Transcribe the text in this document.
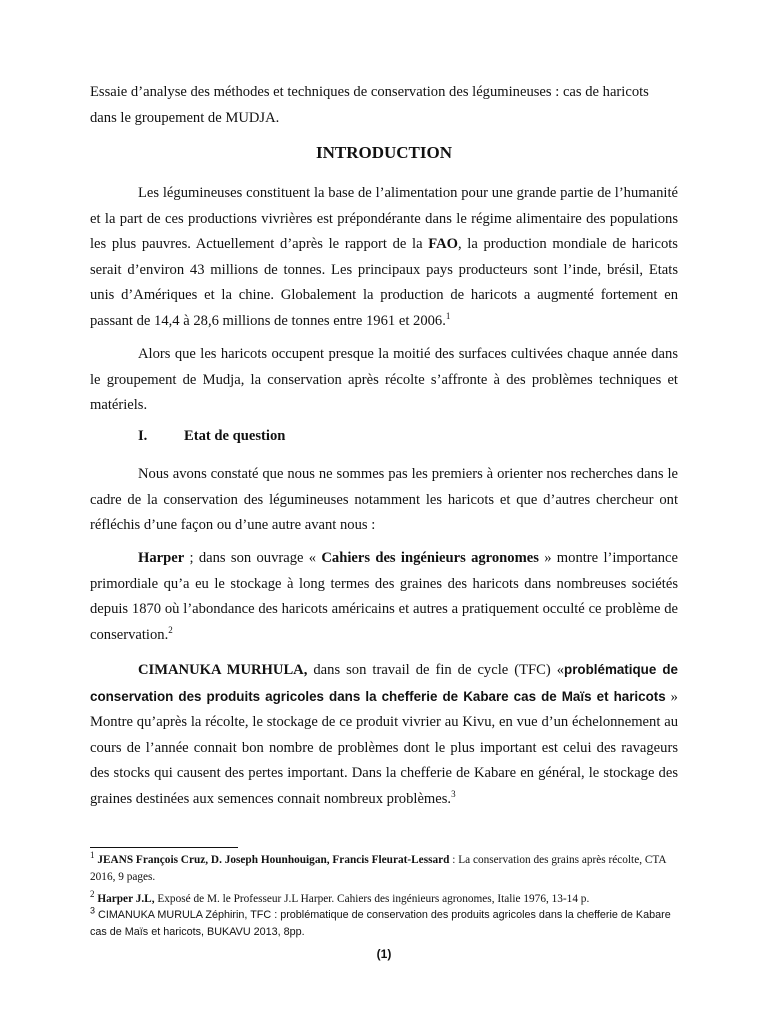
Essaie d’analyse des méthodes et techniques de conservation des légumineuses : cas de haricots dans le groupement de MUDJA.

INTRODUCTION

Les légumineuses constituent la base de l’alimentation pour une grande partie de l’humanité et la part de ces productions vivrières est prépondérante dans le régime alimentaire des populations les plus pauvres. Actuellement d’après le rapport de la FAO, la production mondiale de haricots serait d’environ 43 millions de tonnes. Les principaux pays producteurs sont l’inde, brésil, Etats unis d’Amériques et la chine. Globalement la production de haricots a augmenté fortement en passant de 14,4 à 28,6 millions de tonnes entre 1961 et 2006.$^1$

Alors que les haricots occupent presque la moitié des surfaces cultivées chaque année dans le groupement de Mudja, la conservation après récolte s’affronte à des problèmes techniques et matériels.

I.	Etat de question

Nous avons constaté que nous ne sommes pas les premiers à orienter nos recherches dans le cadre de la conservation des légumineuses notamment les haricots et que d’autres chercheur ont réfléchis d’une façon ou d’une autre avant nous :

Harper ; dans son ouvrage « Cahiers des ingénieurs agronomes » montre l’importance primordiale qu’a eu le stockage à long termes des graines des haricots dans nombreuses sociétés depuis 1870 où l’abondance des haricots américains et autres a pratiquement occulté ce problème de conservation.$^2$

CIMANUKA MURHULA, dans son travail de fin de cycle (TFC) «problématique de conservation des produits agricoles dans la chefferie de Kabare cas de Maïs et haricots » Montre qu’après la récolte, le stockage de ce produit vivrier au Kivu, en vue d’un échelonnement au cours de l’année connait bon nombre de problèmes dont le plus important est celui des ravageurs des stocks qui causent des pertes important. Dans la chefferie de Kabare en général, le stockage des graines destinées aux semences connait nombreux problèmes.$^3$

$^1$ JEANS François Cruz, D. Joseph Hounhouigan, Francis Fleurat-Lessard : La conservation des grains après récolte, CTA 2016, 9 pages.

$^2$ Harper J.L, Exposé de M. le Professeur J.L Harper. Cahiers des ingénieurs agronomes, Italie 1976, 13-14 p.

$^3$ CIMANUKA MURULA Zéphirin, TFC : problématique de conservation des produits agricoles dans la chefferie de Kabare cas de Maïs et haricots, BUKAVU 2013, 8pp.

(1)
